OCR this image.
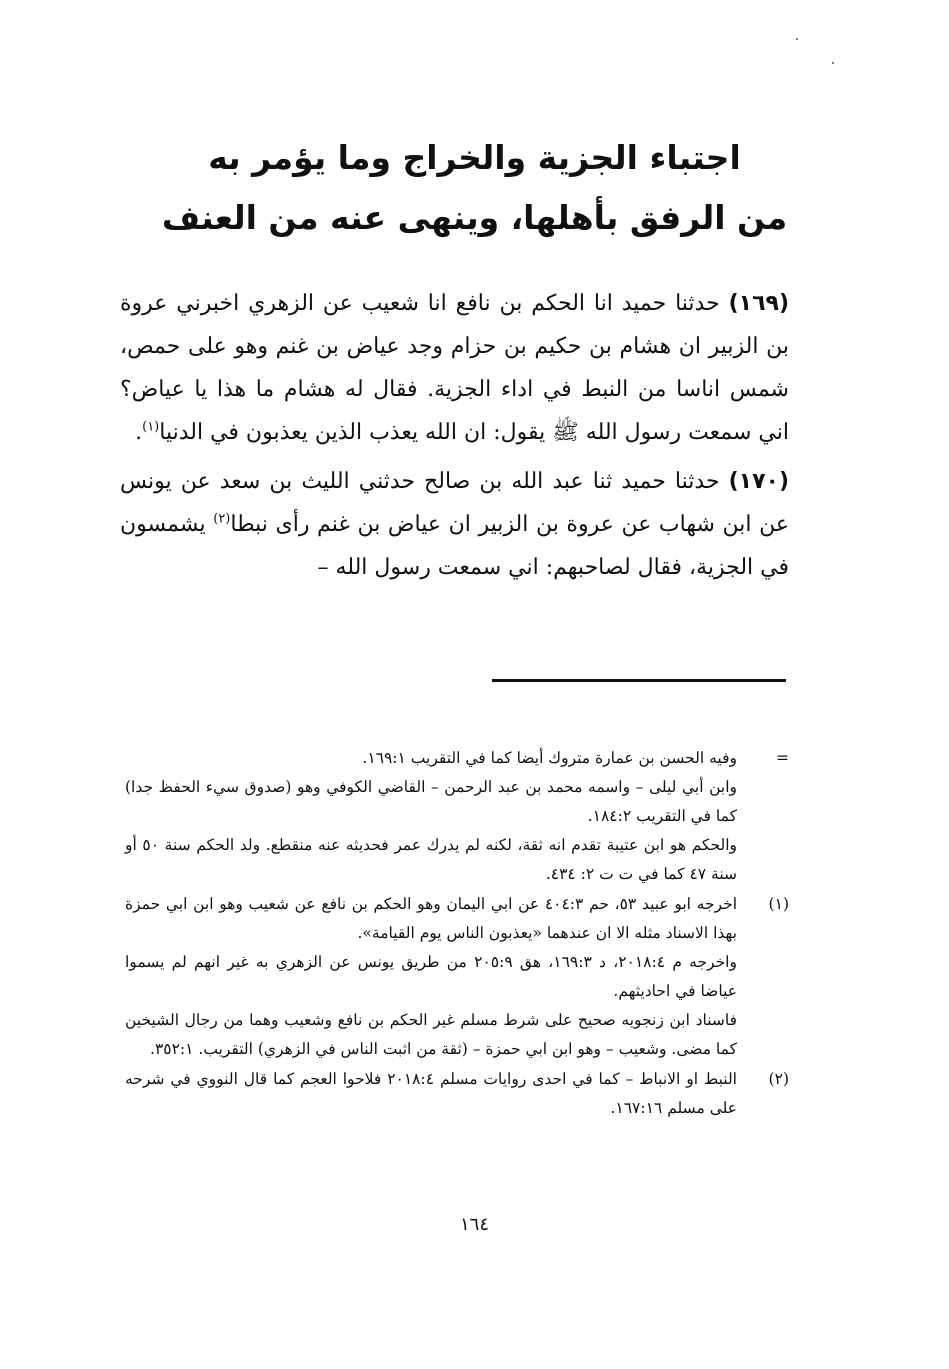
اجتباء الجزية والخراج وما يؤمر به
من الرفق بأهلها، وينهى عنه من العنف
(١٦٩) حدثنا حميد انا الحكم بن نافع انا شعيب عن الزهري اخبرني عروة بن الزبير ان هشام بن حكيم بن حزام وجد عياض بن غنم وهو على حمص، شمس اناسا من النبط في اداء الجزية. فقال له هشام ما هذا يا عياض؟ اني سمعت رسول الله ﷺ يقول: ان الله يعذب الذين يعذبون في الدنيا$^{(١)}$.
(١٧٠) حدثنا حميد ثنا عبد الله بن صالح حدثني الليث بن سعد عن يونس عن ابن شهاب عن عروة بن الزبير ان عياض بن غنم رأى نبطا$^{(٢)}$ يشمسون في الجزية، فقال لصاحبهم: اني سمعت رسول الله –
=

وفيه الحسن بن عمارة متروك أيضا كما في التقريب ١٦٩:١.

وابن أبي ليلى – واسمه محمد بن عبد الرحمن – القاضي الكوفي وهو (صدوق سيء الحفظ جدا) كما في التقريب ١٨٤:٢.

والحكم هو ابن عتيبة تقدم انه ثقة، لكنه لم يدرك عمر فحديثه عنه منقطع. ولد الحكم سنة ٥٠ أو سنة ٤٧ كما في ت ت ٢: ٤٣٤.

(١)

اخرجه ابو عبيد ٥٣، حم ٤٠٤:٣ عن ابي اليمان وهو الحكم بن نافع عن شعيب وهو ابن ابي حمزة بهذا الاسناد مثله الا ان عندهما «يعذبون الناس يوم القيامة».

واخرجه م ٢٠١٨:٤، د ١٦٩:٣، هق ٢٠٥:٩ من طريق يونس عن الزهري به غير انهم لم يسموا عياضا في احاديثهم.

فاسناد ابن زنجويه صحيح على شرط مسلم غير الحكم بن نافع وشعيب وهما من رجال الشيخين كما مضى. وشعيب – وهو ابن ابي حمزة – (ثقة من اثبت الناس في الزهري) التقريب. ٣٥٢:١.

(٢)

النبط او الانباط – كما في احدى روايات مسلم ٢٠١٨:٤ فلاحوا العجم كما قال النووي في شرحه على مسلم ١٦٧:١٦.

١٦٤
